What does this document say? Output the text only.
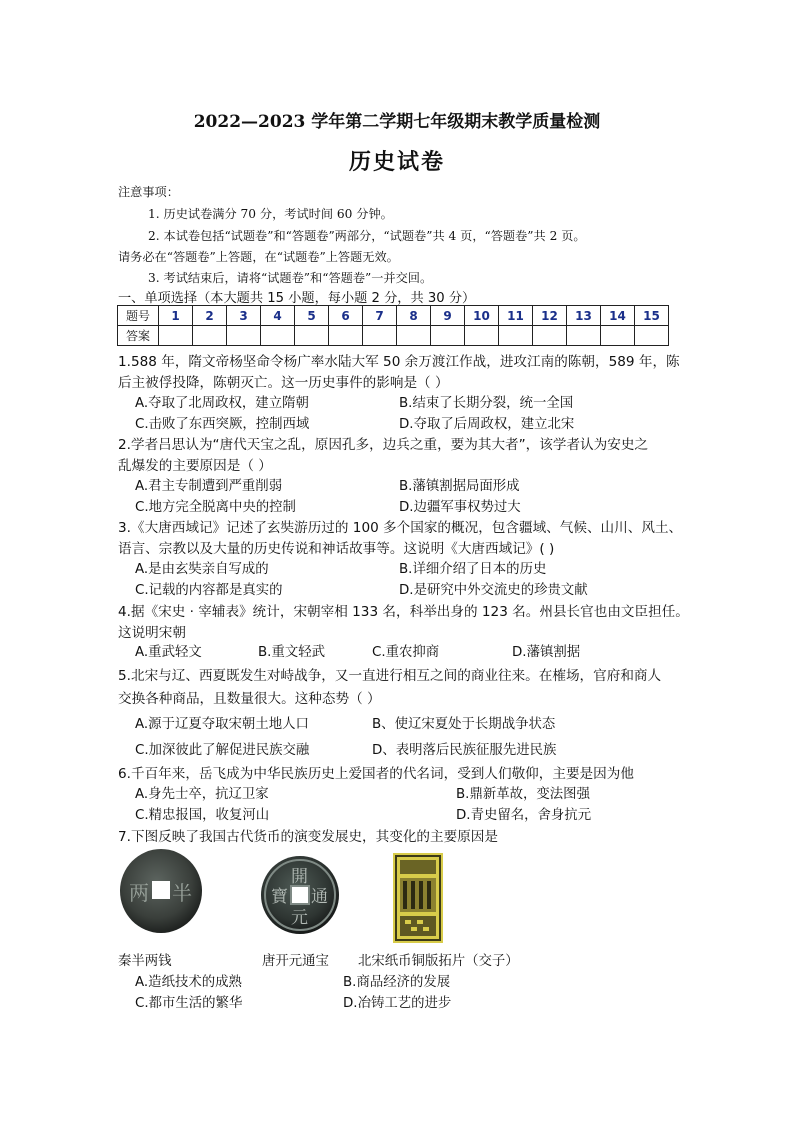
2022—2023 学年第二学期七年级期末教学质量检测
历史试卷
注意事项：
1. 历史试卷满分 70 分，考试时间 60 分钟。
2. 本试卷包括“试题卷”和“答题卷”两部分，“试题卷”共 4 页，“答题卷”共 2 页。
请务必在“答题卷”上答题，在“试题卷”上答题无效。
3. 考试结束后，请将“试题卷”和“答题卷”一并交回。
一、单项选择（本大题共 15 小题，每小题 2 分，共 30 分）
题号	1	2	3	4	5	6	7	8	9	10	11	12	13	14	15
答案															
1.588 年，隋文帝杨坚命令杨广率水陆大军 50 余万渡江作战，进攻江南的陈朝，589 年，陈
后主被俘投降，陈朝灭亡。这一历史事件的影响是（ ）
A.夺取了北周政权，建立隋朝	B.结束了长期分裂，统一全国
C.击败了东西突厥，控制西域	D.夺取了后周政权，建立北宋
2.学者吕思认为“唐代天宝之乱，原因孔多，边兵之重，要为其大者”，该学者认为安史之
乱爆发的主要原因是（ ）
A.君主专制遭到严重削弱	B.藩镇割据局面形成
C.地方完全脱离中央的控制	D.边疆军事权势过大
3.《大唐西域记》记述了玄奘游历过的 100 多个国家的概况，包含疆域、气候、山川、风土、
语言、宗教以及大量的历史传说和神话故事等。这说明《大唐西域记》( )
A.是由玄奘亲自写成的	B.详细介绍了日本的历史
C.记载的内容都是真实的	D.是研究中外交流史的珍贵文献
4.据《宋史 · 宰辅表》统计，宋朝宰相 133 名，科举出身的 123 名。州县长官也由文臣担任。
这说明宋朝
A.重武轻文	B.重文轻武	C.重农抑商	D.藩镇割据
5.北宋与辽、西夏既发生对峙战争，又一直进行相互之间的商业往来。在榷场，官府和商人
交换各种商品，且数量很大。这种态势（ ）
A.源于辽夏夺取宋朝土地人口	B、使辽宋夏处于长期战争状态
C.加深彼此了解促进民族交融	D、表明落后民族征服先进民族
6.千百年来，岳飞成为中华民族历史上爱国者的代名词，受到人们敬仰，主要是因为他
A.身先士卒，抗辽卫家	B.鼎新革故，变法图强
C.精忠报国，收复河山	D.青史留名，舍身抗元
7.下图反映了我国古代货币的演变发展史，其变化的主要原因是
两 半
開
通
元
寶
秦半两钱	唐开元通宝 北宋纸币铜版拓片（交子）
A.造纸技术的成熟	B.商品经济的发展
C.都市生活的繁华	D.冶铸工艺的进步
